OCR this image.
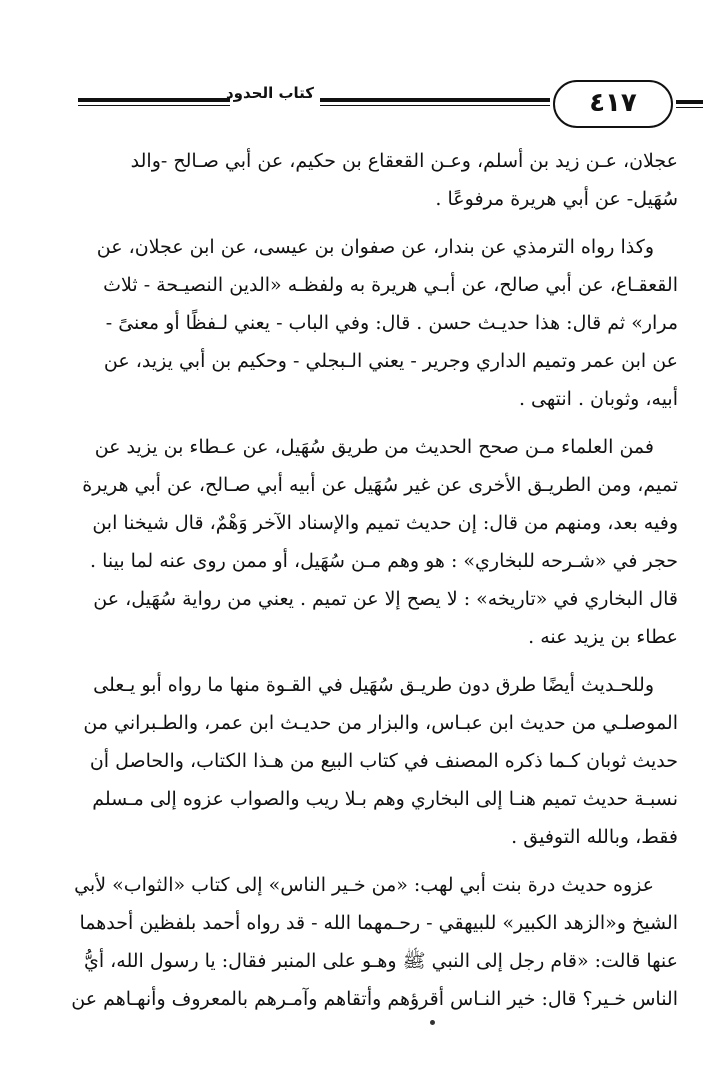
٤١٧
كتاب الحدود

عجلان، عـن زيد بن أسلم، وعـن القعقاع بن حكيم، عن أبي صـالح -والد
سُهَيل- عن أبي هريرة مرفوعًا .

وكذا رواه الترمذي عن بندار، عن صفوان بن عيسى، عن ابن عجلان، عن
القعقـاع، عن أبي صالح، عن أبـي هريرة به ولفظـه «الدين النصيـحة - ثلاث
مرار» ثم قال: هذا حديـث حسن . قال: وفي الباب - يعني لـفظًا أو معنىً -
عن ابن عمر وتميم الداري وجرير - يعني الـبجلي - وحكيم بن أبي يزيد، عن
أبيه، وثوبان . انتهى .

فمن العلماء مـن صحح الحديث من طريق سُهَيل، عن عـطاء بن يزيد عن
تميم، ومن الطريـق الأخرى عن غير سُهَيل عن أبيه أبي صـالح، عن أبي هريرة
وفيه بعد، ومنهم من قال: إن حديث تميم والإسناد الآخر وَهْمٌ، قال شيخنا ابن
حجر في «شـرحه للبخاري» : هو وهم مـن سُهَيل، أو ممن روى عنه لما بينا .
قال البخاري في «تاريخه» : لا يصح إلا عن تميم . يعني من رواية سُهَيل، عن
عطاء بن يزيد عنه .

وللحـديث أيضًا طرق دون طريـق سُهَيل في القـوة منها ما رواه أبو يـعلى
الموصلـي من حديث ابن عبـاس، والبزار من حديـث ابن عمر، والطـبراني من
حديث ثوبان كـما ذكره المصنف في كتاب البيع من هـذا الكتاب، والحاصل أن
نسبـة حديث تميم هنـا إلى البخاري وهم بـلا ريب والصواب عزوه إلى مـسلم
فقط، وبالله التوفيق .

عزوه حديث درة بنت أبي لهب: «من خـير الناس» إلى كتاب «الثواب» لأبي
الشيخ و«الزهد الكبير» للبيهقي - رحـمهما الله - قد رواه أحمد بلفظين أحدهما
عنها قالت: «قام رجل إلى النبي ﷺ وهـو على المنبر فقال: يا رسول الله، أيُّ
الناس خـير؟ قال: خير النـاس أقرؤهم وأتقاهم وآمـرهم بالمعروف وأنهـاهم عن
